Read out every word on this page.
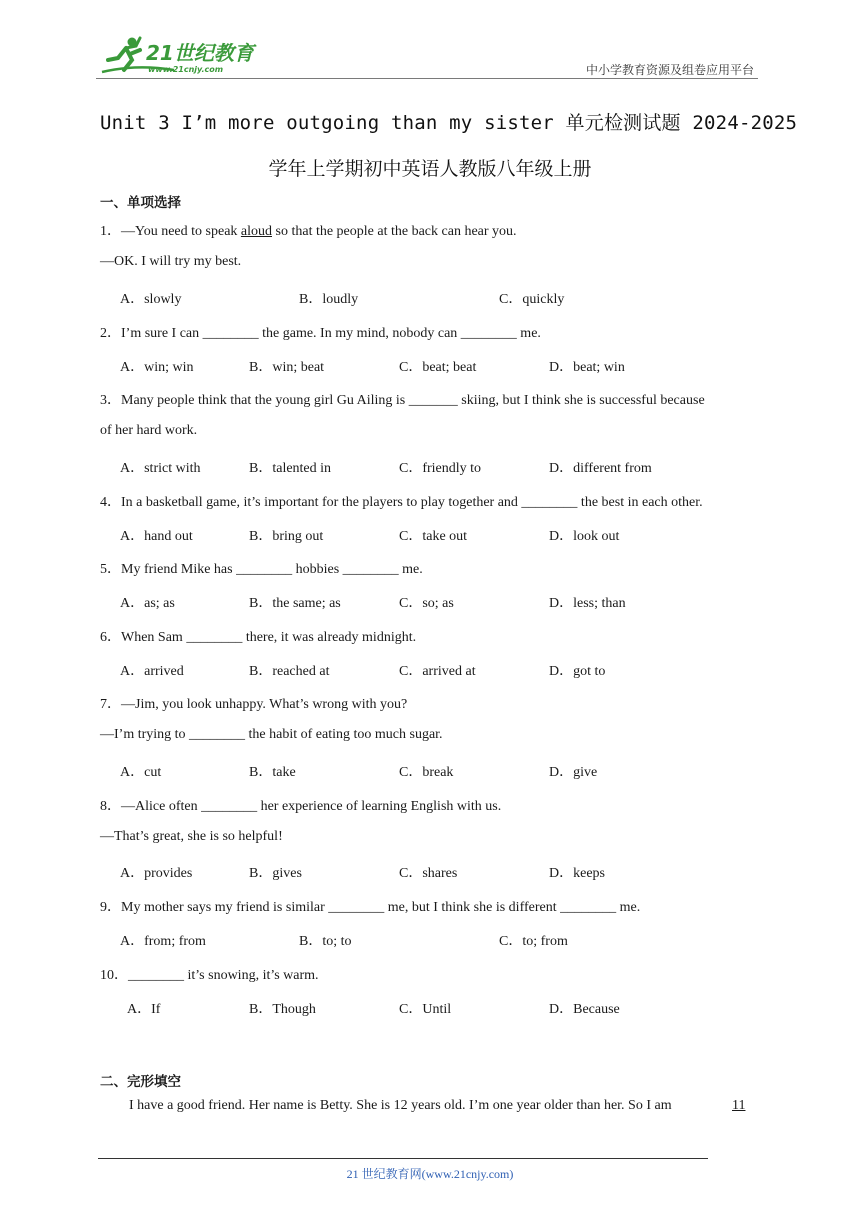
21世纪教育
www.21cnjy.com	中小学教育资源及组卷应用平台
Unit 3 I’m more outgoing than my sister 单元检测试题 2024-2025
学年上学期初中英语人教版八年级上册
一、单项选择
1．—You need to speak aloud so that the people at the back can hear you.
—OK. I will try my best.
A．slowly	B．loudly	C．quickly
2．I’m sure I can ________ the game. In my mind, nobody can ________ me.
A．win; win	B．win; beat	C．beat; beat	D．beat; win
3．Many people think that the young girl Gu Ailing is _______ skiing, but I think she is successful because
of her hard work.
A．strict with	B．talented in	C．friendly to	D．different from
4．In a basketball game, it’s important for the players to play together and ________ the best in each other.
A．hand out	B．bring out	C．take out	D．look out
5．My friend Mike has ________ hobbies ________ me.
A．as; as	B．the same; as	C．so; as	D．less; than
6．When Sam ________ there, it was already midnight.
A．arrived	B．reached at	C．arrived at	D．got to
7．—Jim, you look unhappy. What’s wrong with you?
—I’m trying to ________ the habit of eating too much sugar.
A．cut	B．take	C．break	D．give
8．—Alice often ________ her experience of learning English with us.
—That’s great, she is so helpful!
A．provides	B．gives	C．shares	D．keeps
9．My mother says my friend is similar ________ me, but I think she is different ________ me.
A．from; from	B．to; to	C．to; from
10．________ it’s snowing, it’s warm.
A．If	B．Though	C．Until	D．Because
二、完形填空
I have a good friend. Her name is Betty. She is 12 years old. I’m one year older than her. So I am	11
21 世纪教育网(www.21cnjy.com)
